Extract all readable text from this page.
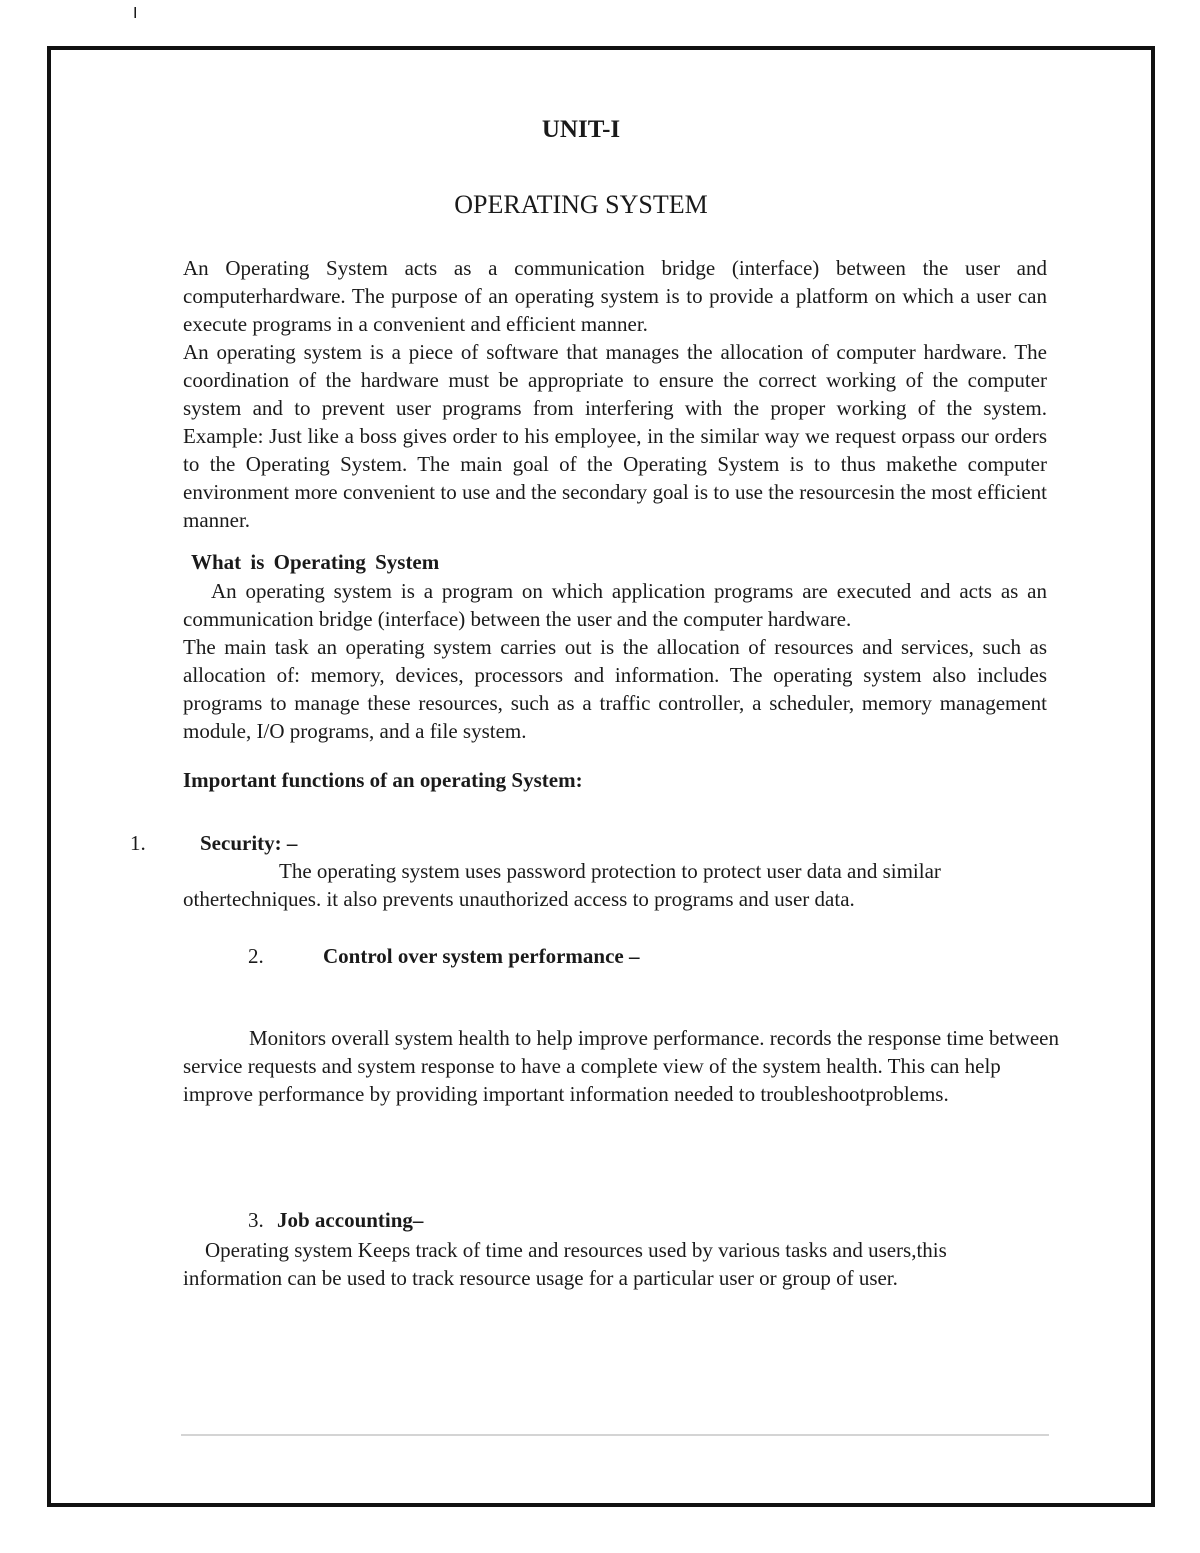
I
UNIT-I
OPERATING SYSTEM

An Operating System acts as a communication bridge (interface) between the user and computerhardware. The purpose of an operating system is to provide a platform on which a user can execute programs in a convenient and efficient manner.

An operating system is a piece of software that manages the allocation of computer hardware. The coordination of the hardware must be appropriate to ensure the correct working of the computer system and to prevent user programs from interfering with the proper working of the system. Example: Just like a boss gives order to his employee, in the similar way we request orpass our orders to the Operating System. The main goal of the Operating System is to thus makethe computer environment more convenient to use and the secondary goal is to use the resourcesin the most efficient manner.

What is Operating System

An operating system is a program on which application programs are executed and acts as an communication bridge (interface) between the user and the computer hardware.

The main task an operating system carries out is the allocation of resources and services, such as allocation of: memory, devices, processors and information. The operating system also includes programs to manage these resources, such as a traffic controller, a scheduler, memory management module, I/O programs, and a file system.

Important functions of an operating System:
1.	Security: –

The operating system uses password protection to protect user data and similar othertechniques. it also prevents unauthorized access to programs and user data.

2.	Control over system performance –

Monitors overall system health to help improve performance. records the response time between service requests and system response to have a complete view of the system health. This can help improve performance by providing important information needed to troubleshootproblems.

3. Job accounting–

Operating system Keeps track of time and resources used by various tasks and users,this information can be used to track resource usage for a particular user or group of user.
